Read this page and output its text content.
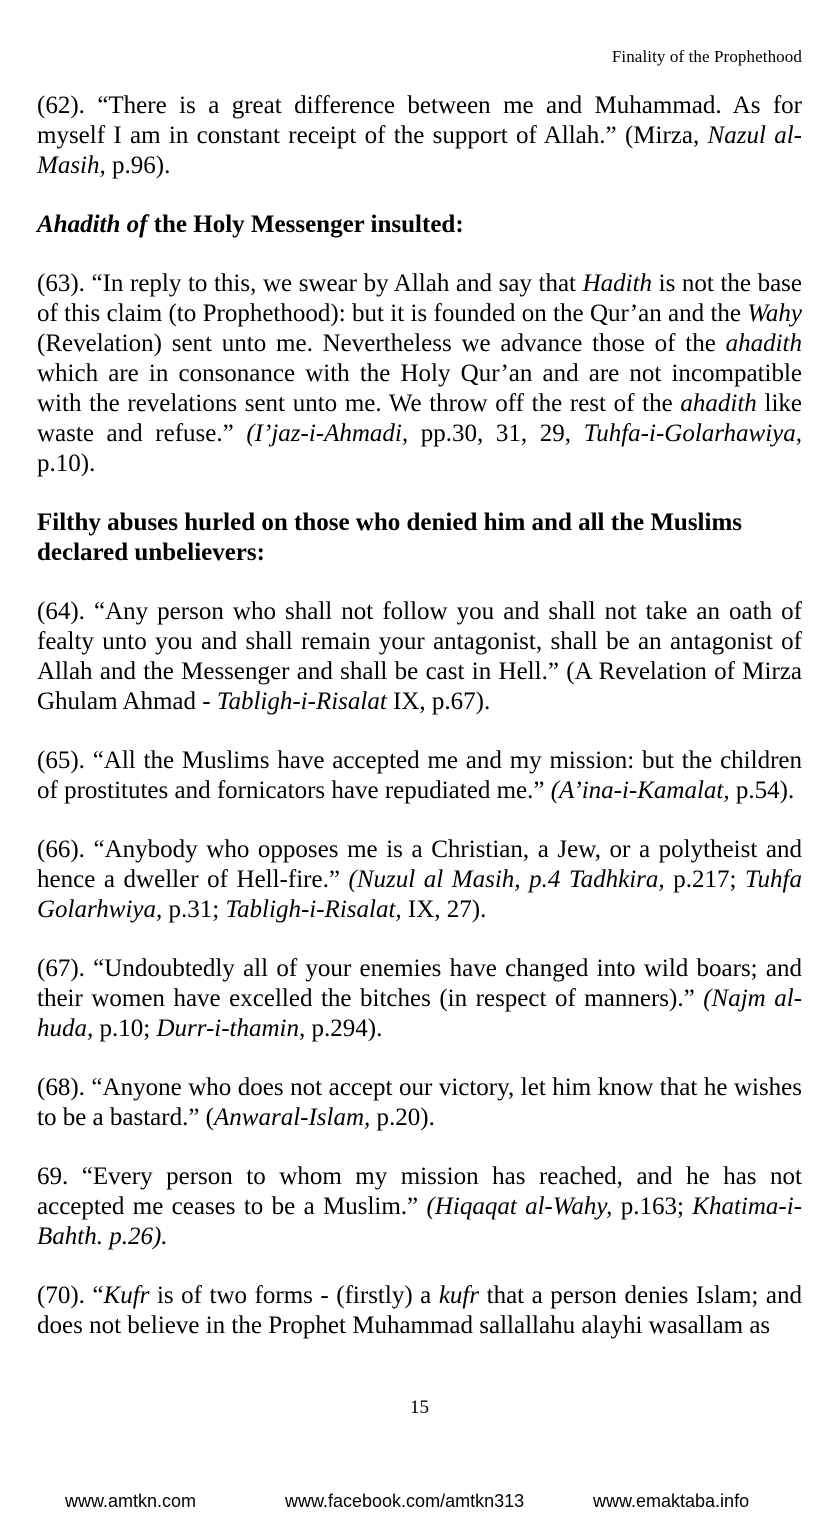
Finality of the Prophethood

(62). “There is a great difference between me and Muhammad. As for myself I am in constant receipt of the support of Allah.” (Mirza, Nazul al-Masih, p.96).

Ahadith of the Holy Messenger insulted:

(63). “In reply to this, we swear by Allah and say that Hadith is not the base of this claim (to Prophethood): but it is founded on the Qur’an and the Wahy (Revelation) sent unto me. Nevertheless we advance those of the ahadith which are in consonance with the Holy Qur’an and are not incompatible with the revelations sent unto me. We throw off the rest of the ahadith like waste and refuse.” (I’jaz-i-Ahmadi, pp.30, 31, 29, Tuhfa-i-Golarhawiya, p.10).

Filthy abuses hurled on those who denied him and all the Muslims declared unbelievers:

(64). “Any person who shall not follow you and shall not take an oath of fealty unto you and shall remain your antagonist, shall be an antagonist of Allah and the Messenger and shall be cast in Hell.” (A Revelation of Mirza Ghulam Ahmad - Tabligh-i-Risalat IX, p.67).

(65). “All the Muslims have accepted me and my mission: but the children of prostitutes and fornicators have repudiated me.” (A’ina-i-Kamalat, p.54).

(66). “Anybody who opposes me is a Christian, a Jew, or a polytheist and hence a dweller of Hell-fire.” (Nuzul al Masih, p.4 Tadhkira, p.217; Tuhfa Golarhwiya, p.31; Tabligh-i-Risalat, IX, 27).

(67). “Undoubtedly all of your enemies have changed into wild boars; and their women have excelled the bitches (in respect of manners).” (Najm al-huda, p.10; Durr-i-thamin, p.294).

(68). “Anyone who does not accept our victory, let him know that he wishes to be a bastard.” (Anwaral-Islam, p.20).

69. “Every person to whom my mission has reached, and he has not accepted me ceases to be a Muslim.” (Hiqaqat al-Wahy, p.163; Khatima-i-Bahth. p.26).

(70). “Kufr is of two forms - (firstly) a kufr that a person denies Islam; and does not believe in the Prophet Muhammad sallallahu alayhi wasallam as

15
www.amtkn.com	www.facebook.com/amtkn313	www.emaktaba.info
